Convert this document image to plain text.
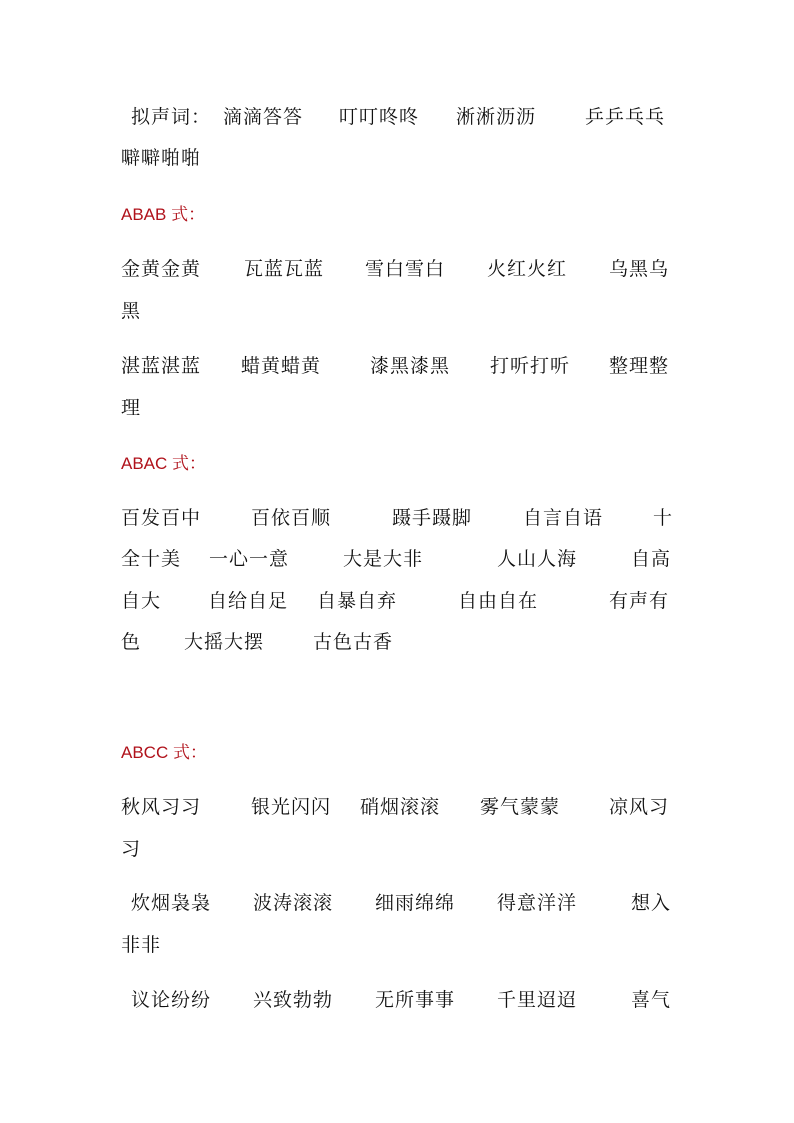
拟声词： 滴滴答答 叮叮咚咚 淅淅沥沥	乒乒乓乓
噼噼啪啪
ABAB 式：
金黄金黄 瓦蓝瓦蓝 雪白雪白 火红火红 乌黑乌
黑
湛蓝湛蓝 蜡黄蜡黄	漆黑漆黑 打听打听 整理整
理
ABAC 式：
百发百中	百依百顺	蹑手蹑脚	自言自语	十
全十美 一心一意	大是大非	人山人海	自高
自大 自给自足 自暴自弃	自由自在	有声有
色 大摇大摆	古色古香
ABCC 式：
秋风习习	银光闪闪 硝烟滚滚 雾气蒙蒙	凉风习
习
炊烟袅袅 波涛滚滚 细雨绵绵 得意洋洋	想入
非非
议论纷纷 兴致勃勃 无所事事 千里迢迢	喜气
